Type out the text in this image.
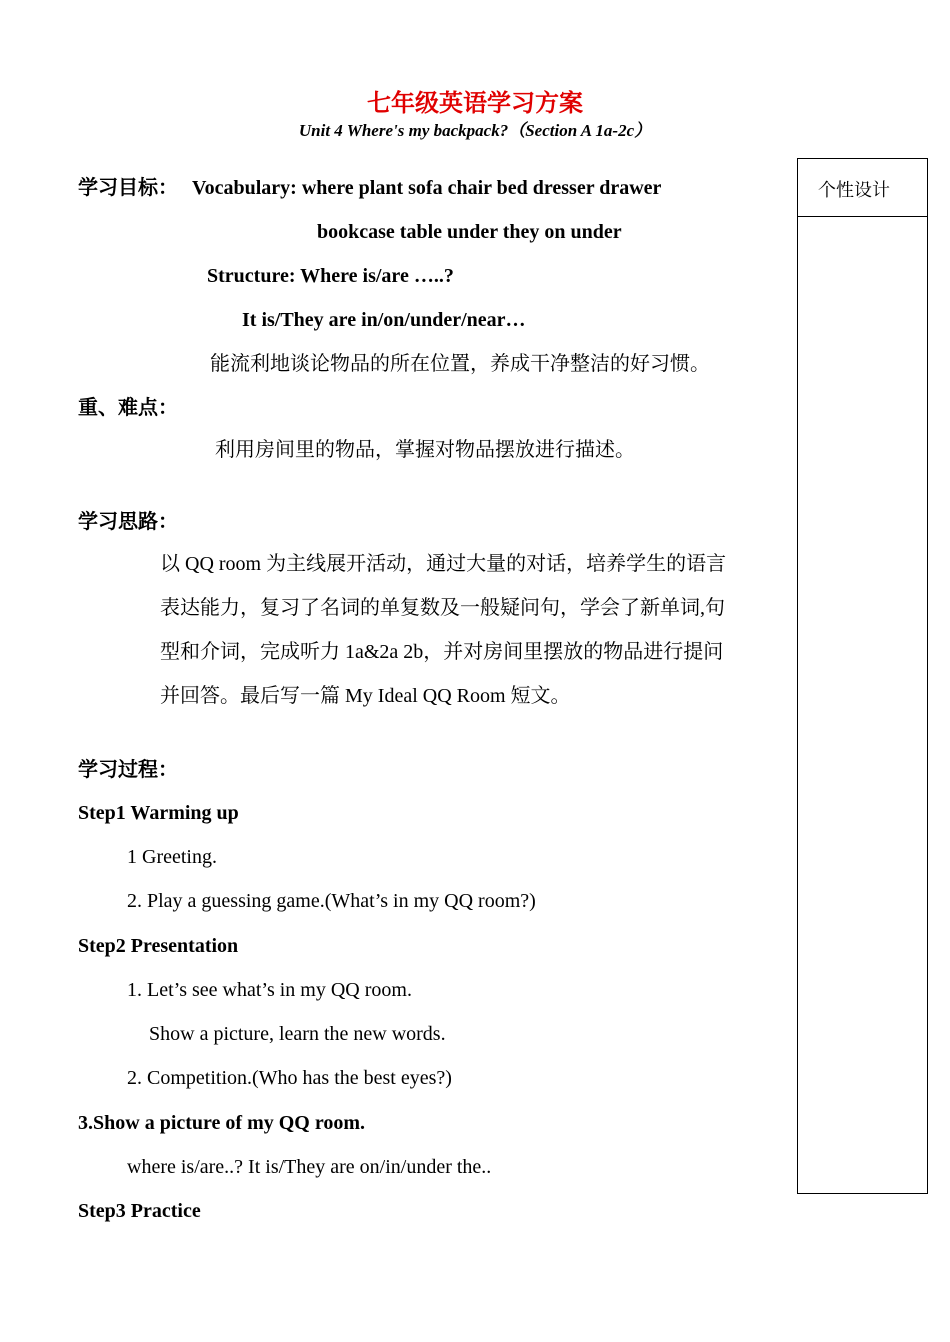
七年级英语学习方案
Unit 4 Where's my backpack?（Section A 1a-2c）
个性设计
学习目标： Vocabulary: where plant sofa chair bed dresser drawer
bookcase table under they on under
Structure: Where is/are …..?
It is/They are in/on/under/near…
能流利地谈论物品的所在位置，养成干净整洁的好习惯。
重、难点：
利用房间里的物品，掌握对物品摆放进行描述。
学习思路：
以 QQ room 为主线展开活动，通过大量的对话，培养学生的语言
表达能力，复习了名词的单复数及一般疑问句，学会了新单词,句
型和介词，完成听力 1a&2a 2b，并对房间里摆放的物品进行提问
并回答。最后写一篇 My Ideal QQ Room 短文。
学习过程：
Step1 Warming up
1 Greeting.
2. Play a guessing game.(What’s in my QQ room?)
Step2 Presentation
1. Let’s see what’s in my QQ room.
Show a picture, learn the new words.
2. Competition.(Who has the best eyes?)
3.Show a picture of my QQ room.
where is/are..? It is/They are on/in/under the..
Step3 Practice
